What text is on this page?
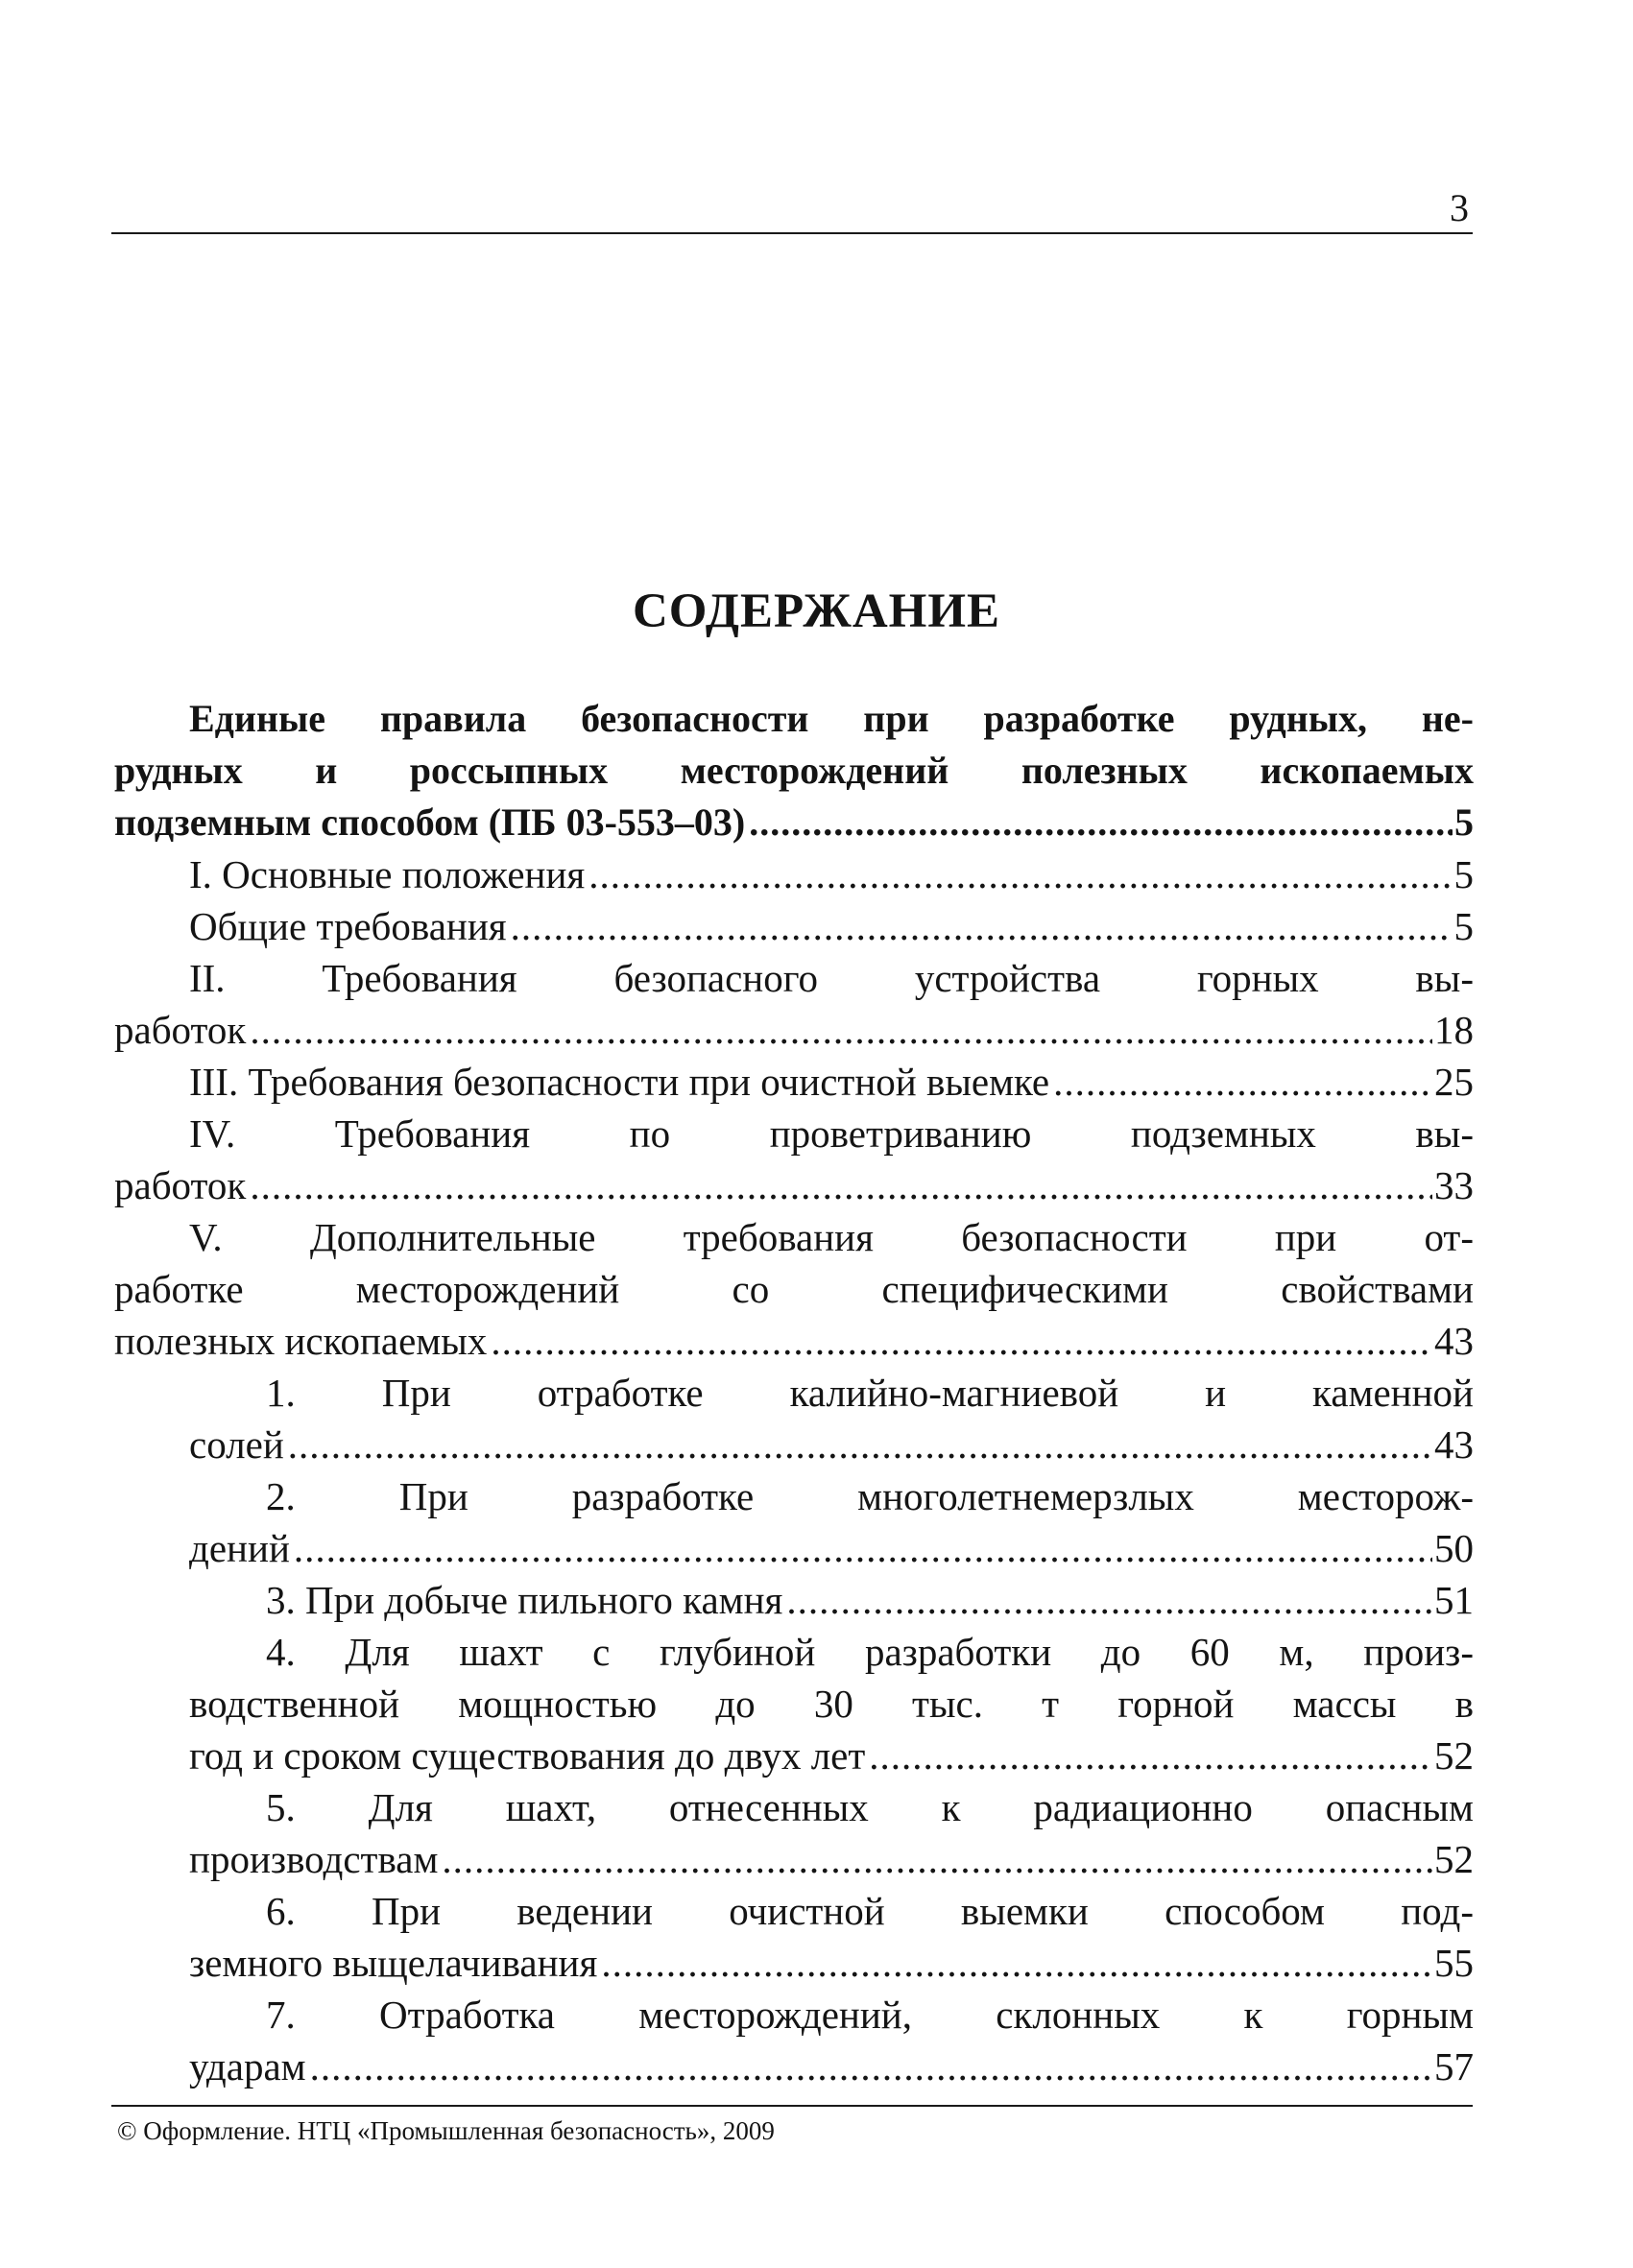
3
СОДЕРЖАНИЕ
Единые правила безопасности при разработке рудных, не-
рудных и россыпных месторождений полезных ископаемых
подземным способом (ПБ 03-553–03) .....	5
I. Основные положения .....	5
Общие требования .....	5
II. Требования безопасного устройства горных вы-
работок .....	18
III. Требования безопасности при очистной выемке .....	25
IV. Требования по проветриванию подземных вы-
работок .....	33
V. Дополнительные требования безопасности при от-
работке месторождений со специфическими свойствами
полезных ископаемых .....	43
1. При отработке калийно-магниевой и каменной
солей .....	43
2. При разработке многолетнемерзлых месторож-
дений .....	50
3. При добыче пильного камня .....	51
4. Для шахт с глубиной разработки до 60 м, произ-
водственной мощностью до 30 тыс. т горной массы в
год и сроком существования до двух лет .....	52
5. Для шахт, отнесенных к радиационно опасным
производствам .....	52
6. При ведении очистной выемки способом под-
земного выщелачивания .....	55
7. Отработка месторождений, склонных к горным
ударам .....	57
© Оформление. НТЦ «Промышленная безопасность», 2009
